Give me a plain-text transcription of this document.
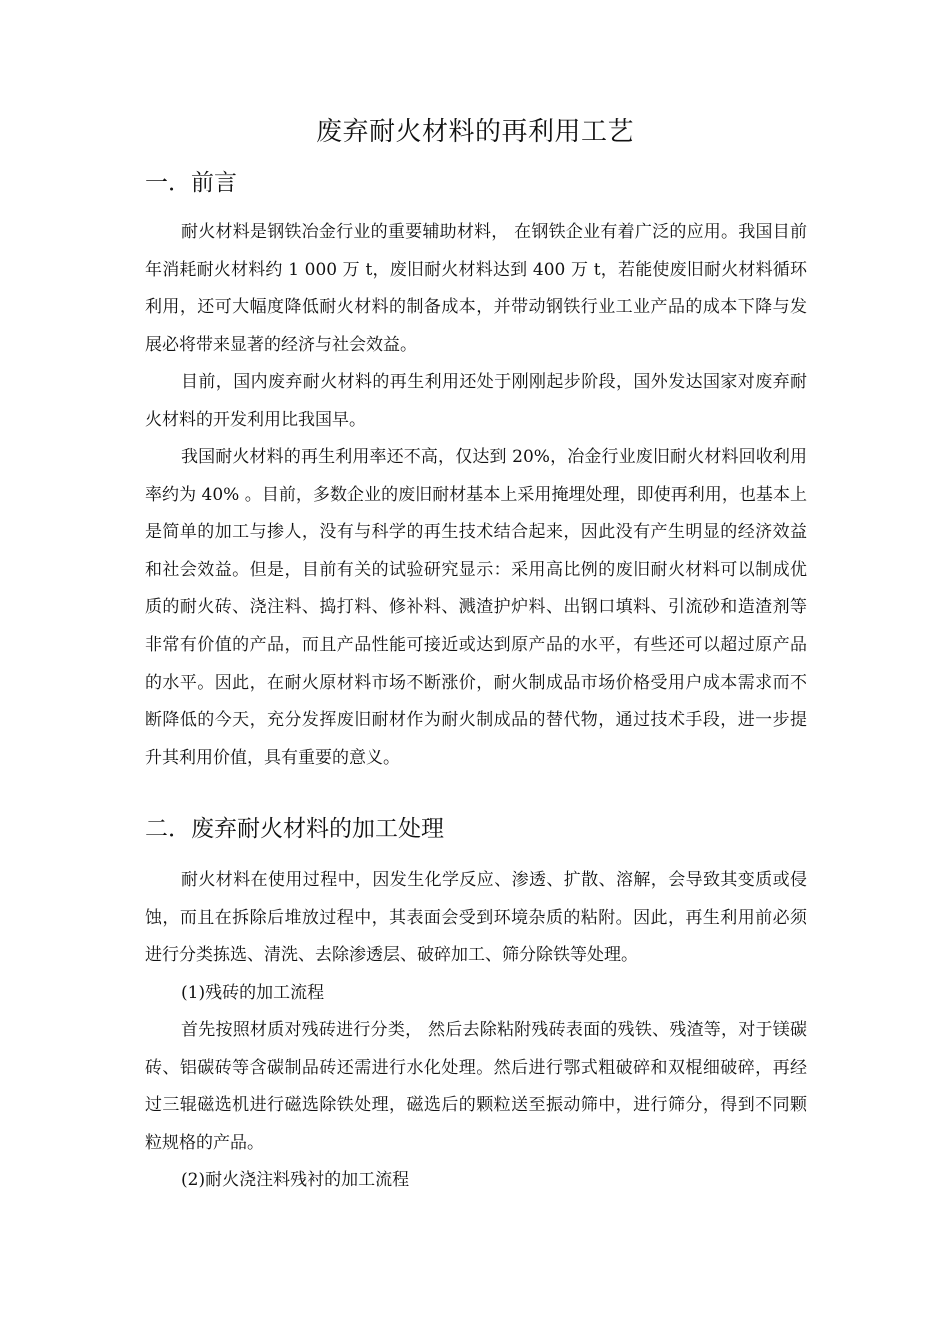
废弃耐火材料的再利用工艺
一．前言

耐火材料是钢铁冶金行业的重要辅助材料， 在钢铁企业有着广泛的应用。我国目前年消耗耐火材料约 1 000 万 t，废旧耐火材料达到 400 万 t，若能使废旧耐火材料循环利用，还可大幅度降低耐火材料的制备成本，并带动钢铁行业工业产品的成本下降与发展必将带来显著的经济与社会效益。

目前，国内废弃耐火材料的再生利用还处于刚刚起步阶段，国外发达国家对废弃耐火材料的开发利用比我国早。

我国耐火材料的再生利用率还不高，仅达到 20%，冶金行业废旧耐火材料回收利用率约为 40% 。目前，多数企业的废旧耐材基本上采用掩埋处理，即使再利用，也基本上是简单的加工与掺人，没有与科学的再生技术结合起来，因此没有产生明显的经济效益和社会效益。但是，目前有关的试验研究显示：采用高比例的废旧耐火材料可以制成优质的耐火砖、浇注料、捣打料、修补料、溅渣护炉料、出钢口填料、引流砂和造渣剂等非常有价值的产品，而且产品性能可接近或达到原产品的水平，有些还可以超过原产品的水平。因此，在耐火原材料市场不断涨价，耐火制成品市场价格受用户成本需求而不断降低的今天，充分发挥废旧耐材作为耐火制成品的替代物，通过技术手段，进一步提升其利用价值，具有重要的意义。

二．废弃耐火材料的加工处理

耐火材料在使用过程中，因发生化学反应、渗透、扩散、溶解，会导致其变质或侵蚀，而且在拆除后堆放过程中，其表面会受到环境杂质的粘附。因此，再生利用前必须进行分类拣选、清洗、去除渗透层、破碎加工、筛分除铁等处理。

(1)残砖的加工流程

首先按照材质对残砖进行分类， 然后去除粘附残砖表面的残铁、残渣等，对于镁碳砖、铝碳砖等含碳制品砖还需进行水化处理。然后进行鄂式粗破碎和双棍细破碎，再经过三辊磁选机进行磁选除铁处理，磁选后的颗粒送至振动筛中，进行筛分，得到不同颗粒规格的产品。

(2)耐火浇注料残衬的加工流程
